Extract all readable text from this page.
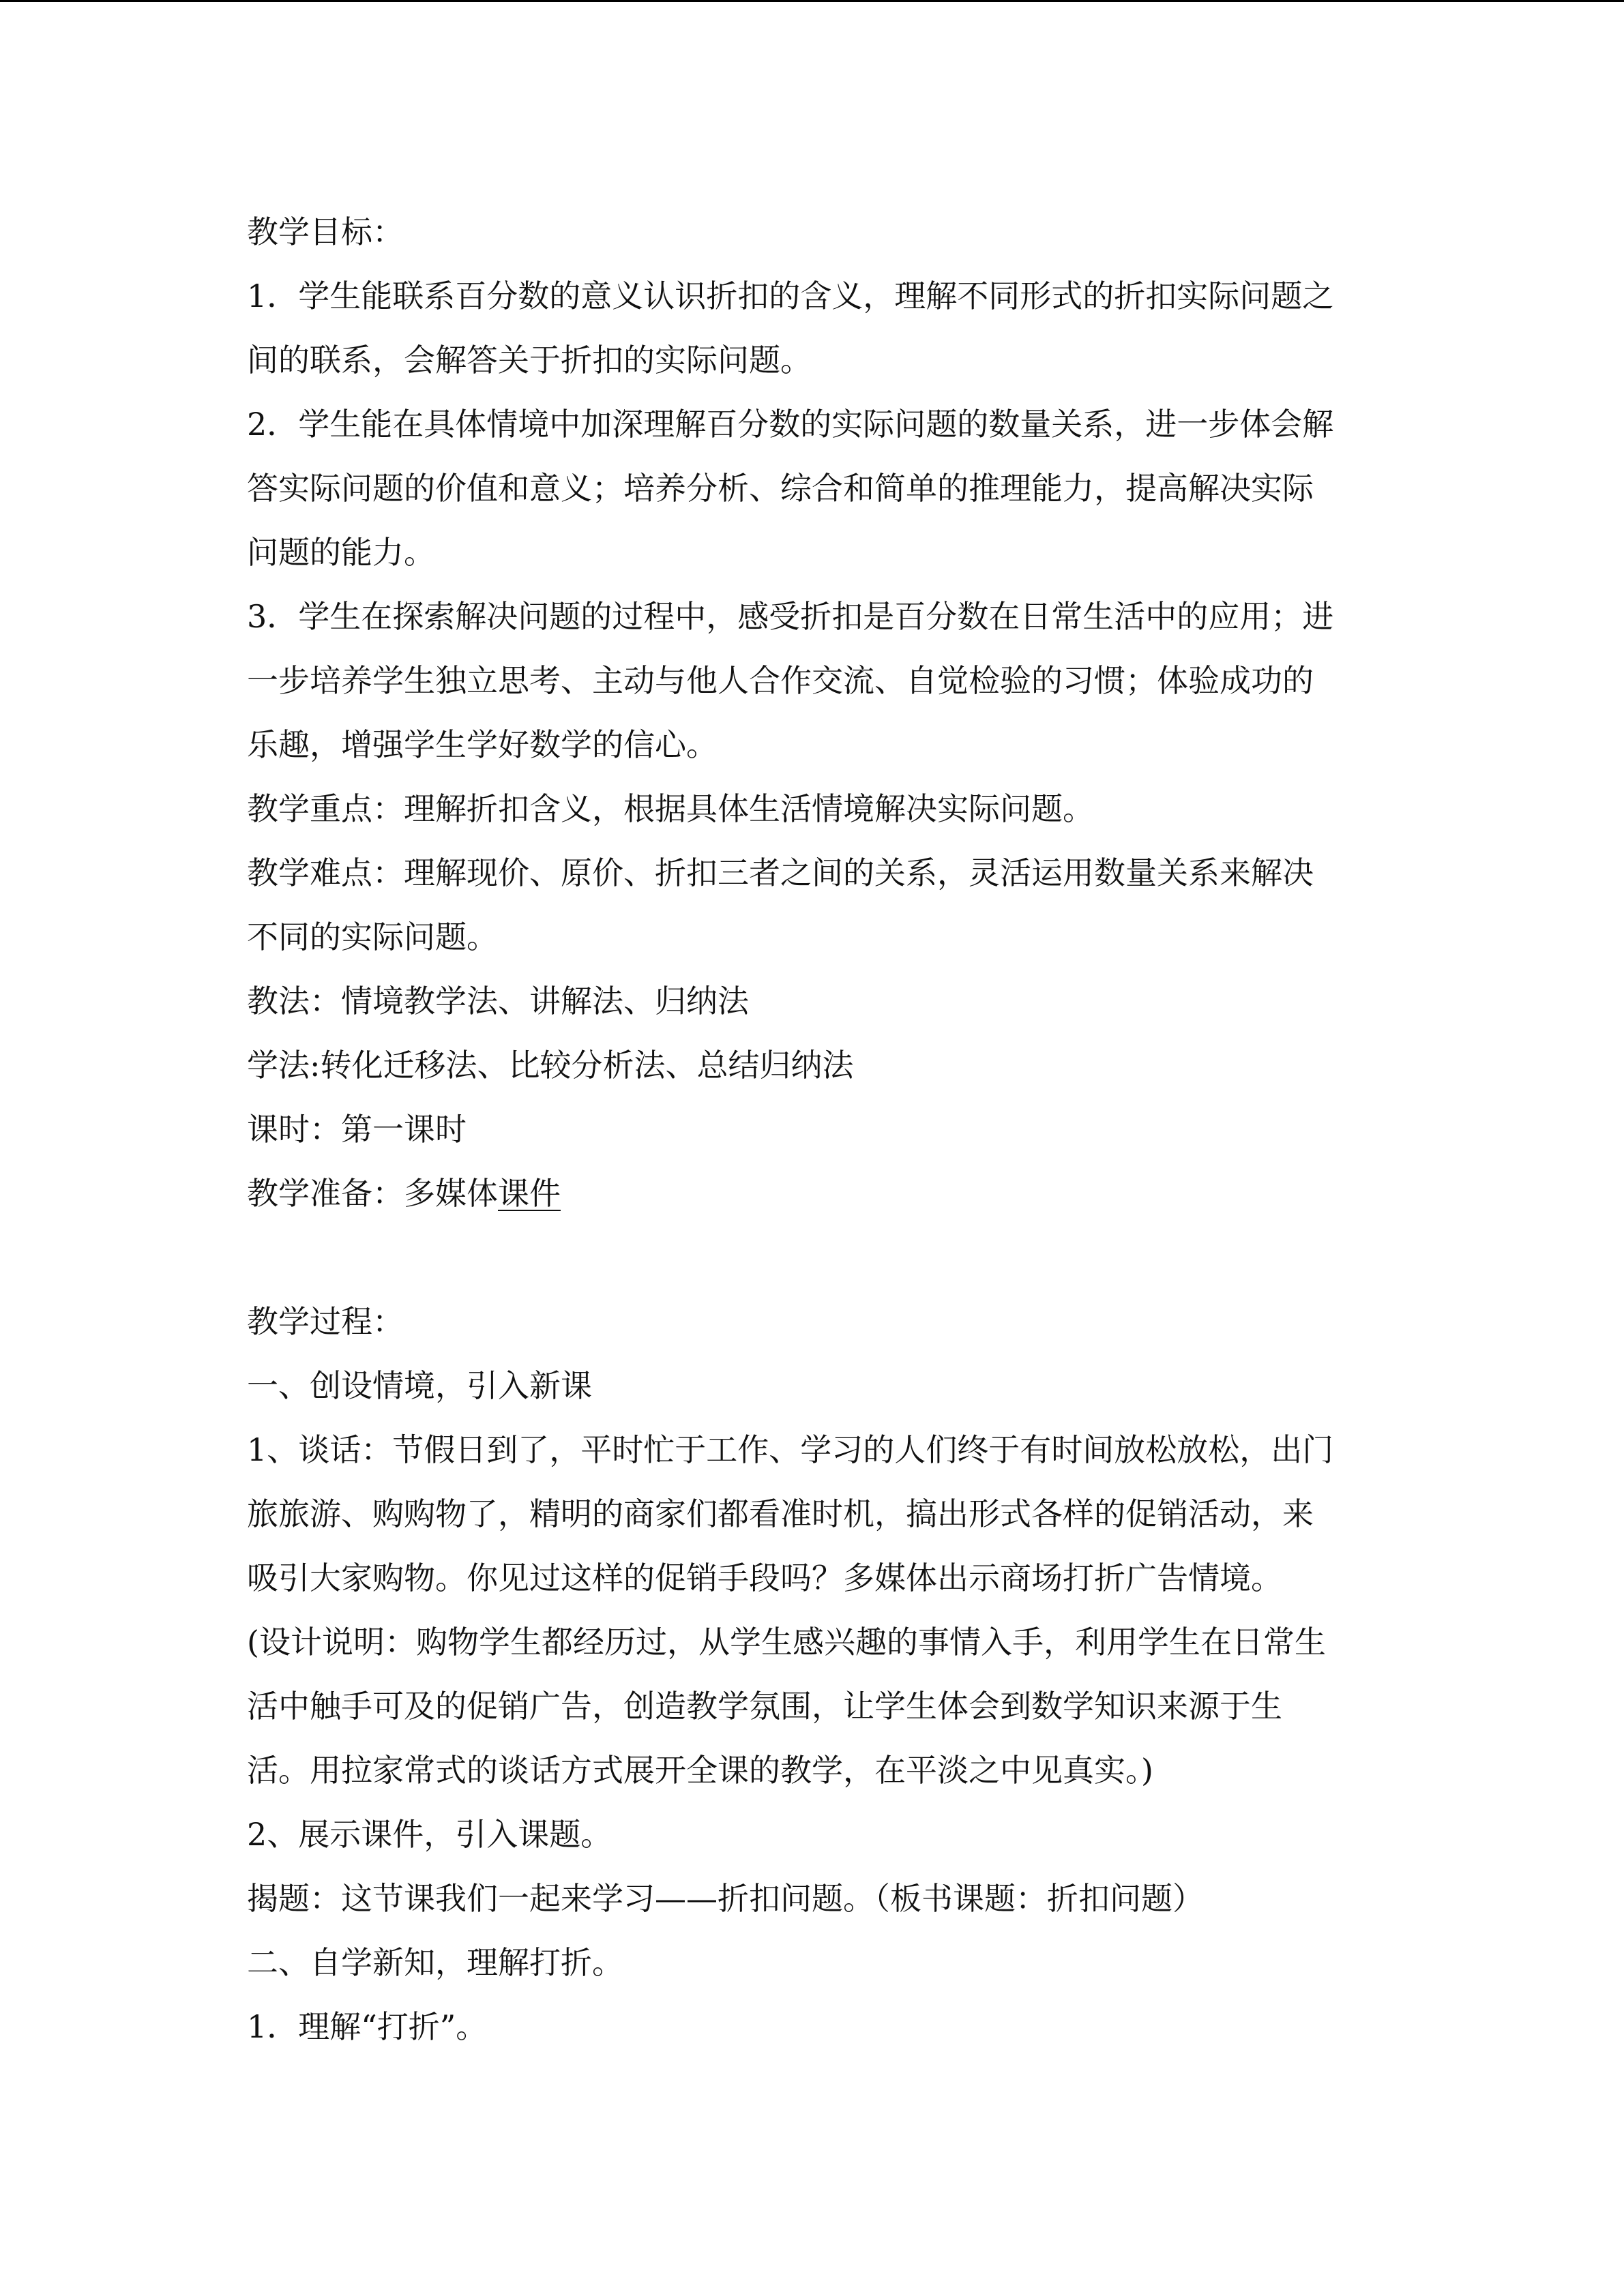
教学目标：
1．学生能联系百分数的意义认识折扣的含义，理解不同形式的折扣实际问题之
间的联系，会解答关于折扣的实际问题。
2．学生能在具体情境中加深理解百分数的实际问题的数量关系，进一步体会解
答实际问题的价值和意义；培养分析、综合和简单的推理能力，提高解决实际
问题的能力。
3．学生在探索解决问题的过程中，感受折扣是百分数在日常生活中的应用；进
一步培养学生独立思考、主动与他人合作交流、自觉检验的习惯；体验成功的
乐趣，增强学生学好数学的信心。
教学重点：理解折扣含义，根据具体生活情境解决实际问题。
教学难点：理解现价、原价、折扣三者之间的关系，灵活运用数量关系来解决
不同的实际问题。
教法：情境教学法、讲解法、归纳法
学法:转化迁移法、比较分析法、总结归纳法
课时：第一课时
教学准备：多媒体课件
教学过程：
一、创设情境，引入新课
1、谈话：节假日到了，平时忙于工作、学习的人们终于有时间放松放松，出门
旅旅游、购购物了，精明的商家们都看准时机，搞出形式各样的促销活动，来
吸引大家购物。你见过这样的促销手段吗？多媒体出示商场打折广告情境。
(设计说明：购物学生都经历过，从学生感兴趣的事情入手，利用学生在日常生
活中触手可及的促销广告，创造教学氛围，让学生体会到数学知识来源于生
活。用拉家常式的谈话方式展开全课的教学，在平淡之中见真实。)
2、展示课件，引入课题。
揭题：这节课我们一起来学习——折扣问题。（板书课题：折扣问题）
二、自学新知，理解打折。
1．理解“打折”。
